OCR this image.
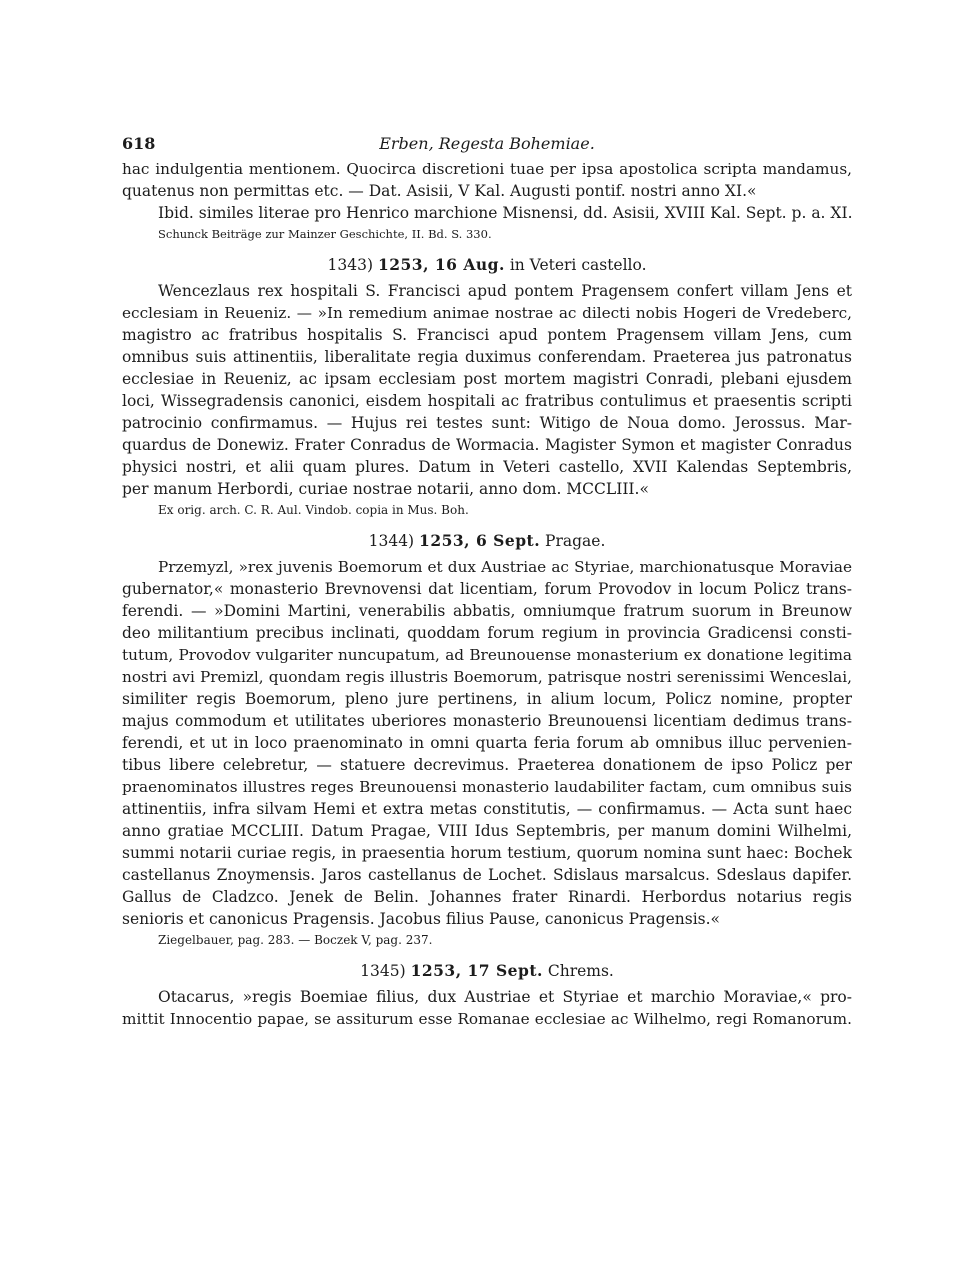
618	Erben, Regesta Bohemiae.
hac indulgentia mentionem. Quocirca discretioni tuae per ipsa apostolica scripta mandamus,
quatenus non permittas etc. — Dat. Asisii, V Kal. Augusti pontif. nostri anno XI.«
Ibid. similes literae pro Henrico marchione Misnensi, dd. Asisii, XVIII Kal. Sept. p. a. XI.
Schunck Beiträge zur Mainzer Geschichte, II. Bd. S. 330.
1343) 1253, 16 Aug. in Veteri castello.
Wencezlaus rex hospitali S. Francisci apud pontem Pragensem confert villam Jens et
ecclesiam in Reueniz. — »In remedium animae nostrae ac dilecti nobis Hogeri de Vredeberc,
magistro ac fratribus hospitalis S. Francisci apud pontem Pragensem villam Jens, cum
omnibus suis attinentiis, liberalitate regia duximus conferendam. Praeterea jus patronatus
ecclesiae in Reueniz, ac ipsam ecclesiam post mortem magistri Conradi, plebani ejusdem
loci, Wissegradensis canonici, eisdem hospitali ac fratribus contulimus et praesentis scripti
patrocinio confirmamus. — Hujus rei testes sunt: Witigo de Noua domo. Jerossus. Mar-
quardus de Donewiz. Frater Conradus de Wormacia. Magister Symon et magister Conradus
physici nostri, et alii quam plures. Datum in Veteri castello, XVII Kalendas Septembris,
per manum Herbordi, curiae nostrae notarii, anno dom. MCCLIII.«
Ex orig. arch. C. R. Aul. Vindob. copia in Mus. Boh.
1344) 1253, 6 Sept. Pragae.
Przemyzl, »rex juvenis Boemorum et dux Austriae ac Styriae, marchionatusque Moraviae
gubernator,« monasterio Brevnovensi dat licentiam, forum Provodov in locum Policz trans-
ferendi. — »Domini Martini, venerabilis abbatis, omniumque fratrum suorum in Breunow
deo militantium precibus inclinati, quoddam forum regium in provincia Gradicensi consti-
tutum, Provodov vulgariter nuncupatum, ad Breunouense monasterium ex donatione legitima
nostri avi Premizl, quondam regis illustris Boemorum, patrisque nostri serenissimi Wenceslai,
similiter regis Boemorum, pleno jure pertinens, in alium locum, Policz nomine, propter
majus commodum et utilitates uberiores monasterio Breunouensi licentiam dedimus trans-
ferendi, et ut in loco praenominato in omni quarta feria forum ab omnibus illuc pervenien-
tibus libere celebretur, — statuere decrevimus. Praeterea donationem de ipso Policz per
praenominatos illustres reges Breunouensi monasterio laudabiliter factam, cum omnibus suis
attinentiis, infra silvam Hemi et extra metas constitutis, — confirmamus. — Acta sunt haec
anno gratiae MCCLIII. Datum Pragae, VIII Idus Septembris, per manum domini Wilhelmi,
summi notarii curiae regis, in praesentia horum testium, quorum nomina sunt haec: Bochek
castellanus Znoymensis. Jaros castellanus de Lochet. Sdislaus marsalcus. Sdeslaus dapifer.
Gallus de Cladzco. Jenek de Belin. Johannes frater Rinardi. Herbordus notarius regis
senioris et canonicus Pragensis. Jacobus filius Pause, canonicus Pragensis.«
Ziegelbauer, pag. 283. — Boczek V, pag. 237.
1345) 1253, 17 Sept. Chrems.
Otacarus, »regis Boemiae filius, dux Austriae et Styriae et marchio Moraviae,« pro-
mittit Innocentio papae, se assiturum esse Romanae ecclesiae ac Wilhelmo, regi Romanorum.
